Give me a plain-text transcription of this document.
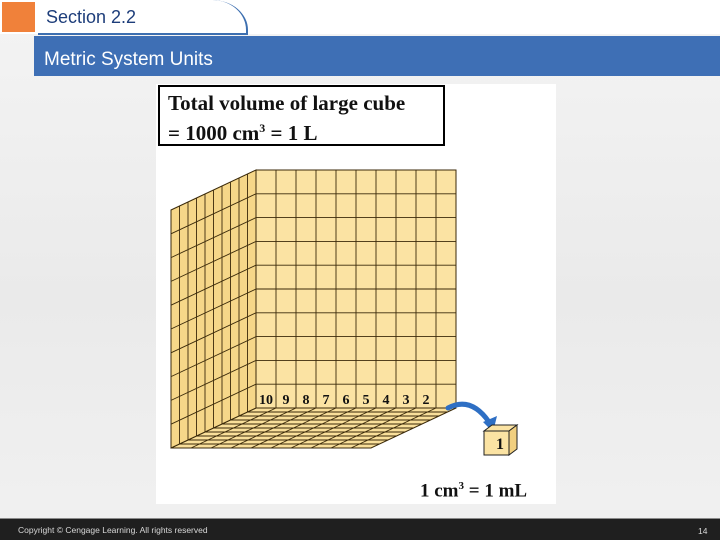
Section 2.2
Metric System Units
Total volume of large cube
= 1000 $cm^3 = 1$ L
10 9 8 7 6 5 4 3 2
1
1 $cm^3 = 1$ mL
Copyright © Cengage Learning. All rights reserved	14
